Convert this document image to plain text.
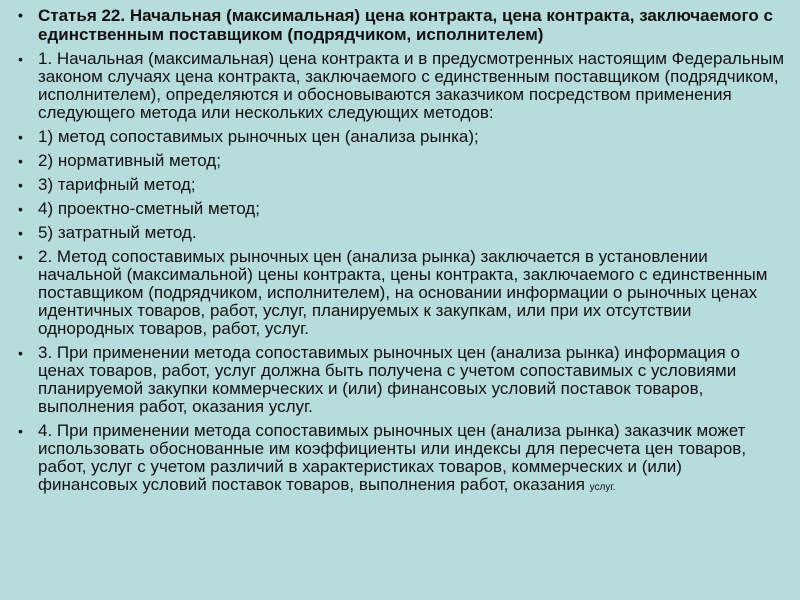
• Статья 22. Начальная (максимальная) цена контракта, цена контракта, заключаемого с единственным поставщиком (подрядчиком, исполнителем)
• 1. Начальная (максимальная) цена контракта и в предусмотренных настоящим Федеральным законом случаях цена контракта, заключаемого с единственным поставщиком (подрядчиком, исполнителем), определяются и обосновываются заказчиком посредством применения следующего метода или нескольких следующих методов:
• 1) метод сопоставимых рыночных цен (анализа рынка);
• 2) нормативный метод;
• 3) тарифный метод;
• 4) проектно-сметный метод;
• 5) затратный метод.
• 2. Метод сопоставимых рыночных цен (анализа рынка) заключается в установлении начальной (максимальной) цены контракта, цены контракта, заключаемого с единственным поставщиком (подрядчиком, исполнителем), на основании информации о рыночных ценах идентичных товаров, работ, услуг, планируемых к закупкам, или при их отсутствии однородных товаров, работ, услуг.
• 3. При применении метода сопоставимых рыночных цен (анализа рынка) информация о ценах товаров, работ, услуг должна быть получена с учетом сопоставимых с условиями планируемой закупки коммерческих и (или) финансовых условий поставок товаров, выполнения работ, оказания услуг.
• 4. При применении метода сопоставимых рыночных цен (анализа рынка) заказчик может использовать обоснованные им коэффициенты или индексы для пересчета цен товаров, работ, услуг с учетом различий в характеристиках товаров, коммерческих и (или) финансовых условий поставок товаров, выполнения работ, оказания услуг.
